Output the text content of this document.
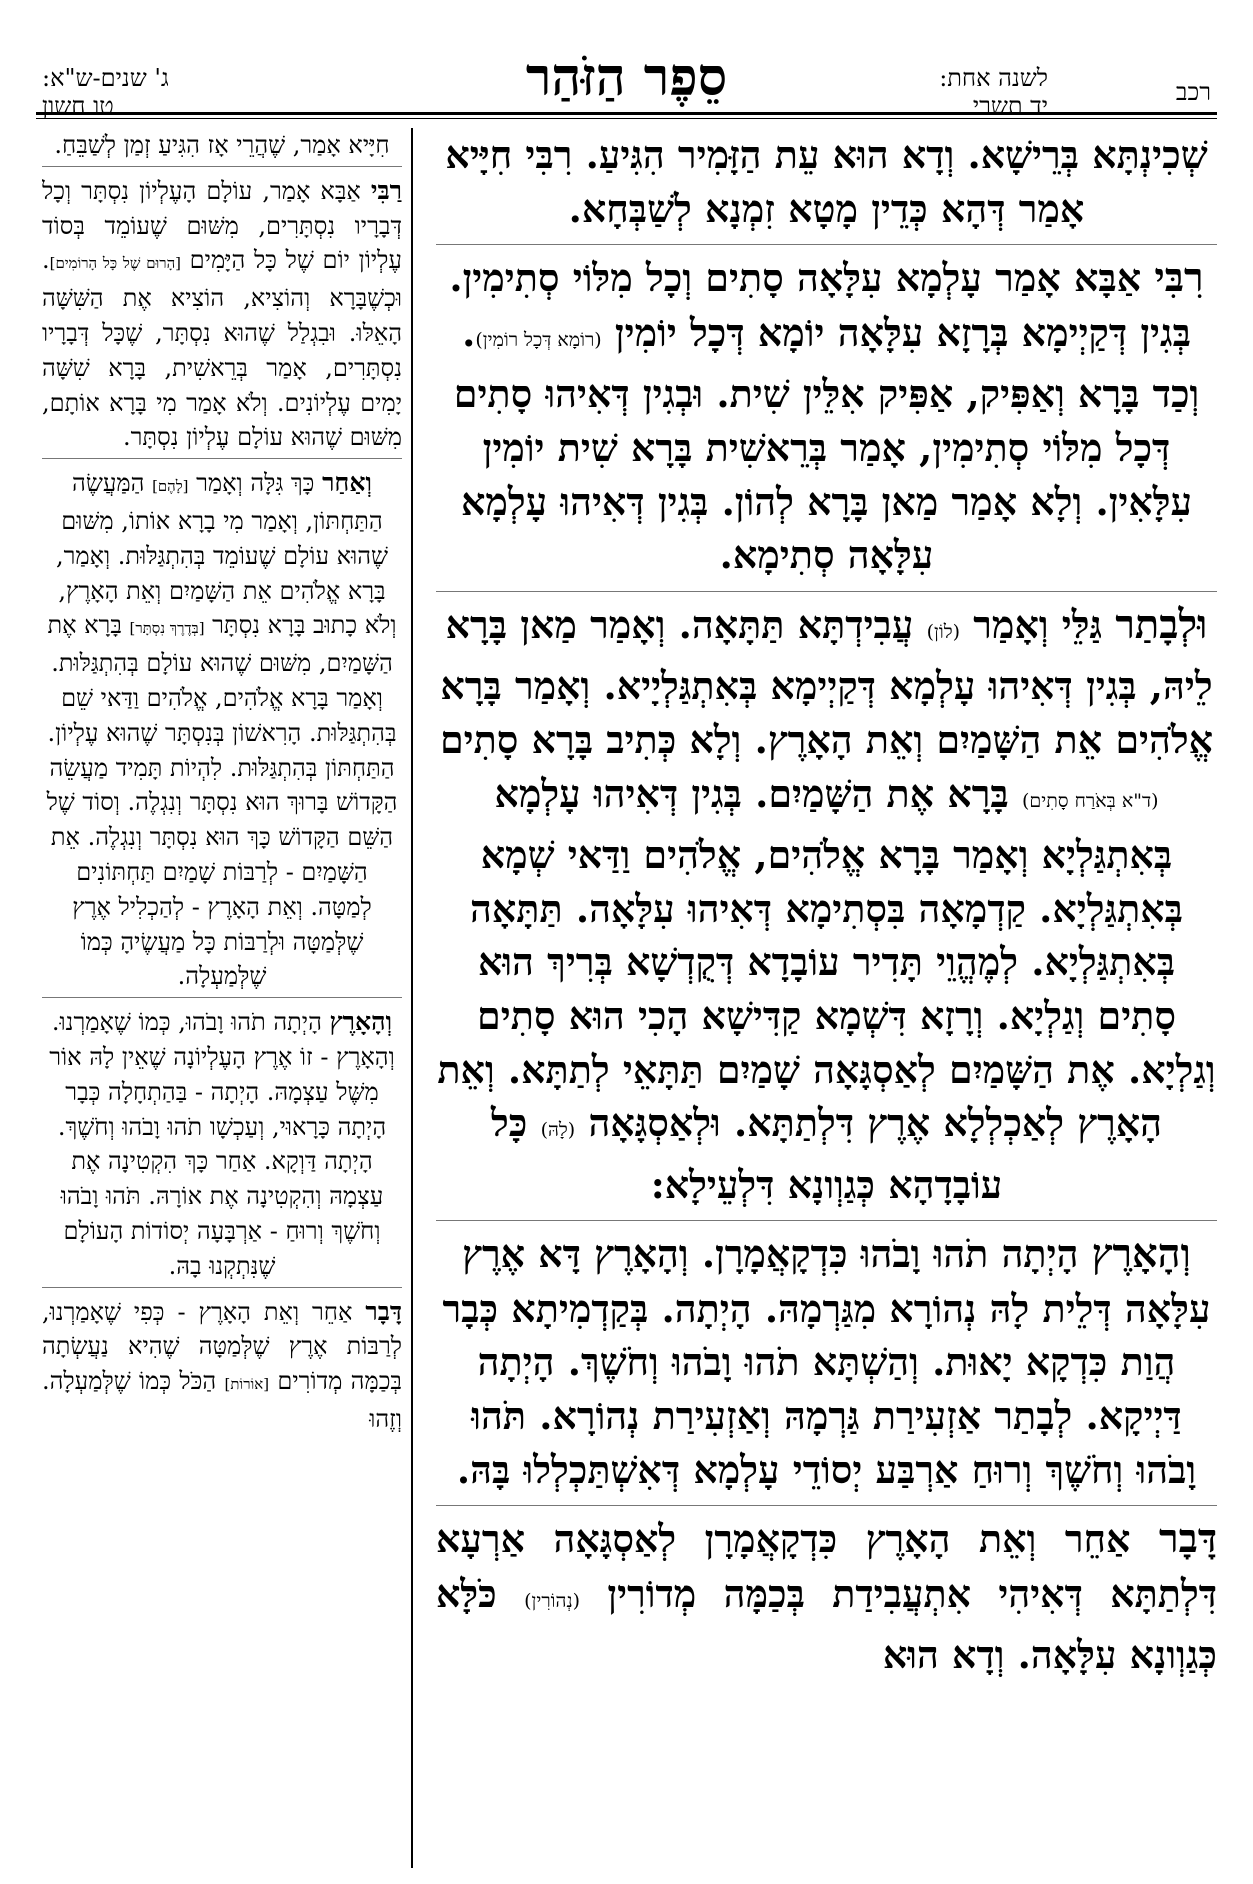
רכב
לשנה אחת:
יד תשרי
סֵפֶר הַזֹּהַר
ג' שנים-ש"א:
טו חשון

שְׁכִינְתָּא בְּרֵישָׁא. וְדָא הוּא עֵת הַזָּמִיר הִגִּיעַ. רִבִּי חִיָּיא אָמַר דְּהָא כְּדֵין מָטָא זִמְנָא לְשַׁבְּחָא.

רִבִּי אַבָּא אָמַר עָלְמָא עִלָּאָה סָתִים וְכָל מִלּוֹי סְתִימִין. בְּגִין דְּקַיְימָא בְּרָזָא עִלָּאָה יוֹמָא דְּכָל יוֹמִין (רוֹמָא דְּכָל רוֹמִין). וְכַד בָּרָא וְאַפִּיק, אַפִּיק אִלֵּין שִׁית. וּבְגִין דְּאִיהוּ סָתִים דְּכָל מִלּוֹי סְתִימִין, אָמַר בְּרֵאשִׁית בָּרָא שִׁית יוֹמִין עִלָּאִין. וְלָא אָמַר מַאן בָּרָא לְהוֹן. בְּגִין דְּאִיהוּ עָלְמָא עִלָּאָה סְתִימָא.

וּלְבָתַר גַּלֵּי וְאָמַר (לוֹן) עֲבִידְתָּא תַּתָּאָה. וְאָמַר מַאן בָּרָא לֵיהּ, בְּגִין דְּאִיהוּ עָלְמָא דְּקַיְימָא בְּאִתְגַּלְיָיא. וְאָמַר בָּרָא אֱלֹהִים אֵת הַשָּׁמַיִם וְאֵת הָאָרֶץ. וְלָא כְּתִיב בָּרָא סָתִים (ד"א בְּאֹרַח סָתִים) בָּרָא אֶת הַשָּׁמַיִם. בְּגִין דְּאִיהוּ עָלְמָא בְּאִתְגַּלְיָא וְאָמַר בָּרָא אֱלֹהִים, אֱלֹהִים וַדַּאי שְׁמָא בְּאִתְגַּלְיָא. קַדְמָאָה בִּסְתִימָא דְּאִיהוּ עִלָּאָה. תַּתָּאָה בְּאִתְגַּלְיָא. לְמֶהֱוֵי תָּדִיר עוֹבָדָא דְּקֻדְשָׁא בְּרִיךְ הוּא סָתִים וְגַלְיָא. וְרָזָא דִּשְׁמָא קַדִּישָׁא הָכִי הוּא סָתִים וְגַלְיָא. אֶת הַשָּׁמַיִם לְאַסְגָּאָה שָׁמַיִם תַּתָּאֵי לְתַתָּא. וְאֵת הָאָרֶץ לְאַכְלְלָא אֶרֶץ דִּלְתַתָּא. וּלְאַסְגָּאָה (לָהּ) כָּל עוֹבָדָהָא כְּגַוְונָא דִּלְעֵילָא:

וְהָאָרֶץ הָיְתָה תֹהוּ וָבֹהוּ כִּדְקָאֲמָרָן. וְהָאָרֶץ דָּא אֶרֶץ עִלָּאָה דְּלֵית לָהּ נְהוֹרָא מִגַּרְמָהּ. הָיְתָה. בְּקַדְמִיתָא כְּבָר הֲוַת כִּדְקָא יָאוּת. וְהַשְׁתָּא תֹהוּ וָבֹהוּ וְחֹשֶׁךְ. הָיְתָה דַּיְיקָא. לְבָתַר אַזְעִירַת גַּרְמָהּ וְאַזְעִירַת נְהוֹרָא. תֹּהוּ וָבֹהוּ וְחֹשֶׁךְ וְרוּחַ אַרְבַּע יְסוֹדֵי עָלְמָא דְּאִשְׁתַּכְלְלוּ בָּהּ.

דָּבָר אַחֵר וְאֵת הָאָרֶץ כִּדְקָאֲמָרָן לְאַסְגָּאָה אַרְעָא דִּלְתַתָּא דְּאִיהִי אִתְעֲבִידַת בְּכַמָּה מְדוֹרִין (נְהוֹרִין) כֹּלָּא כְּגַוְונָא עִלָּאָה. וְדָא הוּא

חִיָּיא אָמַר, שֶׁהֲרֵי אָז הִגִּיעַ זְמַן לְשַׁבֵּחַ.

רַבִּי אַבָּא אָמַר, עוֹלָם הָעֶלְיוֹן נִסְתָּר וְכָל דְּבָרָיו נִסְתָּרִים, מִשּׁוּם שֶׁעוֹמֵד בְּסוֹד עֶלְיוֹן יוֹם שֶׁל כָּל הַיָּמִים [הָרוּם שֶׁל כָּל הָרוֹמִים]. וּכְשֶׁבָּרָא וְהוֹצִיא, הוֹצִיא אֶת הַשִּׁשָּׁה הָאֵלּוּ. וּבִגְלַל שֶׁהוּא נִסְתָּר, שֶׁכָּל דְּבָרָיו נִסְתָּרִים, אָמַר בְּרֵאשִׁית, בָּרָא שִׁשָּׁה יָמִים עֶלְיוֹנִים. וְלֹא אָמַר מִי בָּרָא אוֹתָם, מִשּׁוּם שֶׁהוּא עוֹלָם עֶלְיוֹן נִסְתָּר.

וְאַחַר כָּךְ גִּלָּה וְאָמַר [לָהֶם] הַמַּעֲשֶׂה הַתַּחְתּוֹן, וְאָמַר מִי בָרָא אוֹתוֹ, מִשּׁוּם שֶׁהוּא עוֹלָם שֶׁעוֹמֵד בְּהִתְגַּלּוּת. וְאָמַר, בָּרָא אֱלֹהִים אֵת הַשָּׁמַיִם וְאֵת הָאָרֶץ, וְלֹא כָתוּב בָּרָא נִסְתָּר [בְּדֶרֶךְ נִסְתָּר] בָּרָא אֶת הַשָּׁמַיִם, מִשּׁוּם שֶׁהוּא עוֹלָם בְּהִתְגַּלּוּת. וְאָמַר בָּרָא אֱלֹהִים, אֱלֹהִים וַדַּאי שֵׁם בְּהִתְגַּלּוּת. הָרִאשׁוֹן בְּנִסְתָּר שֶׁהוּא עֶלְיוֹן. הַתַּחְתּוֹן בְּהִתְגַּלּוּת. לִהְיוֹת תָּמִיד מַעֲשֵׂה הַקָּדוֹשׁ בָּרוּךְ הוּא נִסְתָּר וְנִגְלֶה. וְסוֹד שֶׁל הַשֵּׁם הַקָּדוֹשׁ כָּךְ הוּא נִסְתָּר וְנִגְלֶה. אֵת הַשָּׁמַיִם - לְרַבּוֹת שָׁמַיִם תַּחְתּוֹנִים לְמַטָּה. וְאֵת הָאָרֶץ - לְהַכְלִיל אֶרֶץ שֶׁלְּמַטָּה וּלְרַבּוֹת כָּל מַעֲשֶׂיהָ כְּמוֹ שֶׁלְּמַעְלָה.

וְהָאָרֶץ הָיְתָה תֹהוּ וָבֹהוּ, כְּמוֹ שֶׁאָמַרְנוּ. וְהָאָרֶץ - זוֹ אֶרֶץ הָעֶלְיוֹנָה שֶׁאֵין לָהּ אוֹר מִשֶּׁל עַצְמָהּ. הָיְתָה - בַּהַתְחָלָה כְּבָר הָיְתָה כָּרָאוּי, וְעַכְשָׁו תֹהוּ וָבֹהוּ וְחֹשֶׁךְ. הָיְתָה דַּוְקָא. אַחַר כָּךְ הִקְטִינָה אֶת עַצְמָהּ וְהִקְטִינָה אֶת אוֹרָהּ. תֹּהוּ וָבֹהוּ וְחֹשֶׁךְ וְרוּחַ - אַרְבָּעָה יְסוֹדוֹת הָעוֹלָם שֶׁנִּתְקְנוּ בָהּ.

דָּבָר אַחֵר וְאֵת הָאָרֶץ - כְּפִי שֶׁאָמַרְנוּ, לְרַבּוֹת אֶרֶץ שֶׁלְּמַטָּה שֶׁהִיא נַעֲשְׂתָה בְּכַמָּה מְדוֹרִים [אוֹרוֹת] הַכֹּל כְּמוֹ שֶׁלְּמַעְלָה. וְזֶהוּ
